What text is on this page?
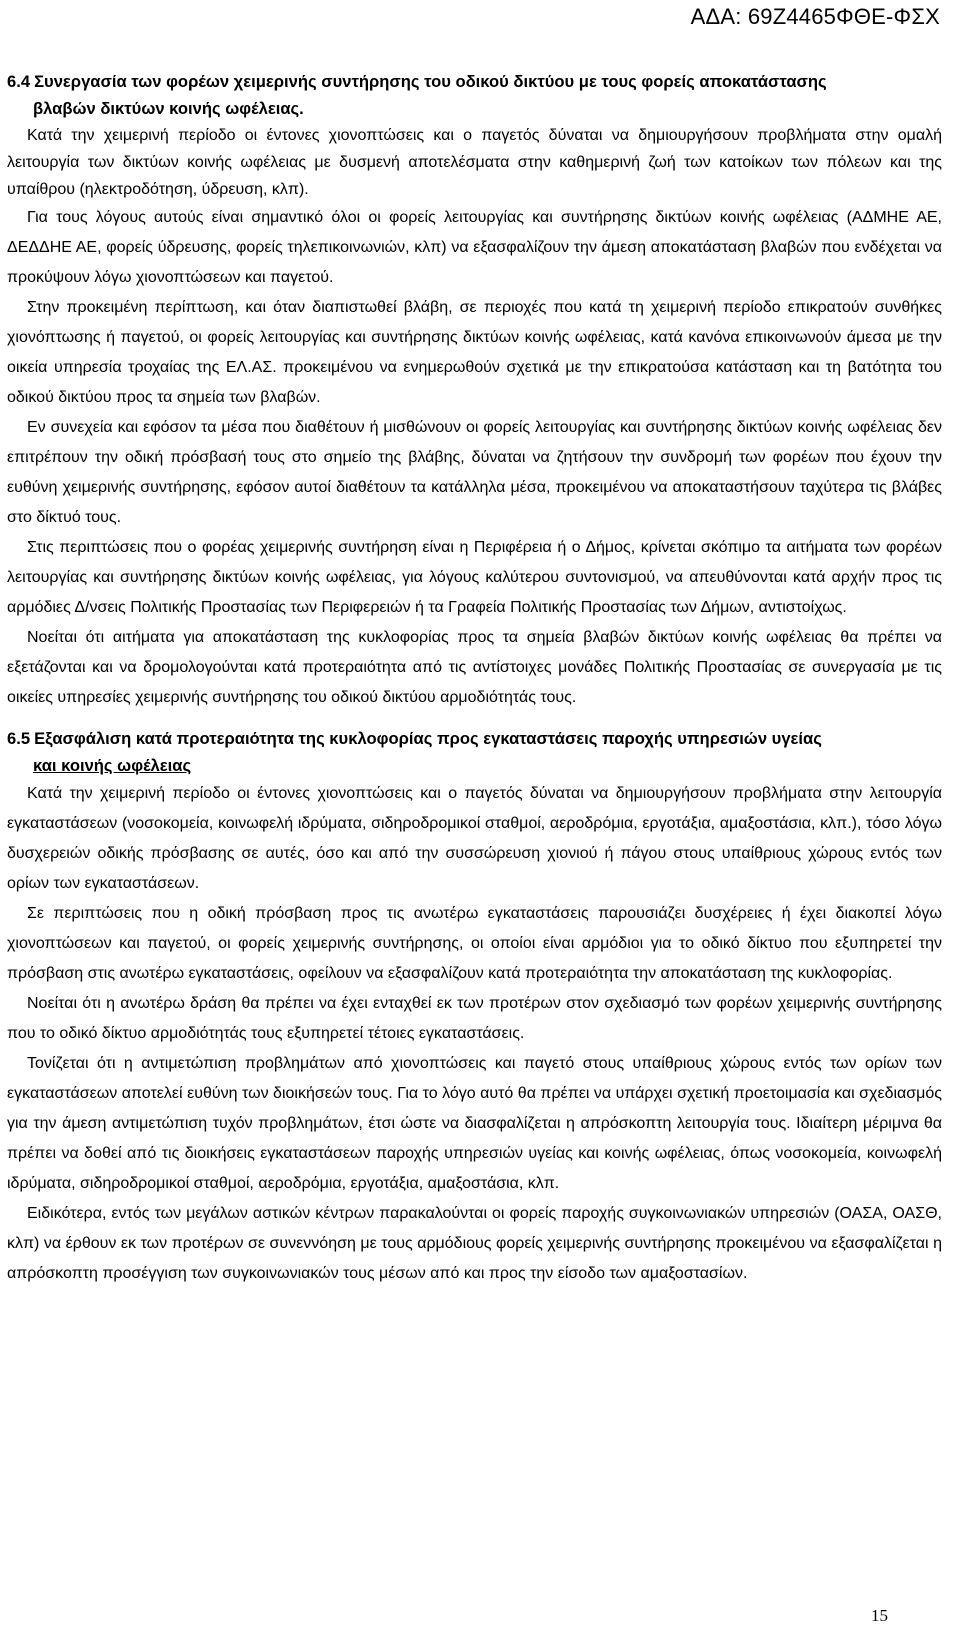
ΑΔΑ: 69Ζ4465ΦΘΕ-ΦΣΧ
6.4 Συνεργασία των φορέων χειμερινής συντήρησης του οδικού δικτύου με τους φορείς αποκατάστασης
βλαβών δικτύων κοινής ωφέλειας.

Κατά την χειμερινή περίοδο οι έντονες χιονοπτώσεις και ο παγετός δύναται να δημιουργήσουν προβλήματα στην ομαλή λειτουργία των δικτύων κοινής ωφέλειας με δυσμενή αποτελέσματα στην καθημερινή ζωή των κατοίκων των πόλεων και της υπαίθρου (ηλεκτροδότηση, ύδρευση, κλπ).

Για τους λόγους αυτούς είναι σημαντικό όλοι οι φορείς λειτουργίας και συντήρησης δικτύων κοινής ωφέλειας (ΑΔΜΗΕ ΑΕ, ΔΕΔΔΗΕ ΑΕ, φορείς ύδρευσης, φορείς τηλεπικοινωνιών, κλπ) να εξασφαλίζουν την άμεση αποκατάσταση βλαβών που ενδέχεται να προκύψουν λόγω χιονοπτώσεων και παγετού.

Στην προκειμένη περίπτωση, και όταν διαπιστωθεί βλάβη, σε περιοχές που κατά τη χειμερινή περίοδο επικρατούν συνθήκες χιονόπτωσης ή παγετού, οι φορείς λειτουργίας και συντήρησης δικτύων κοινής ωφέλειας, κατά κανόνα επικοινωνούν άμεσα με την οικεία υπηρεσία τροχαίας της ΕΛ.ΑΣ. προκειμένου να ενημερωθούν σχετικά με την επικρατούσα κατάσταση και τη βατότητα του οδικού δικτύου προς τα σημεία των βλαβών.

Εν συνεχεία και εφόσον τα μέσα που διαθέτουν ή μισθώνουν οι φορείς λειτουργίας και συντήρησης δικτύων κοινής ωφέλειας δεν επιτρέπουν την οδική πρόσβασή τους στο σημείο της βλάβης, δύναται να ζητήσουν την συνδρομή των φορέων που έχουν την ευθύνη χειμερινής συντήρησης, εφόσον αυτοί διαθέτουν τα κατάλληλα μέσα, προκειμένου να αποκαταστήσουν ταχύτερα τις βλάβες στο δίκτυό τους.

Στις περιπτώσεις που ο φορέας χειμερινής συντήρηση είναι η Περιφέρεια ή ο Δήμος, κρίνεται σκόπιμο τα αιτήματα των φορέων λειτουργίας και συντήρησης δικτύων κοινής ωφέλειας, για λόγους καλύτερου συντονισμού, να απευθύνονται κατά αρχήν προς τις αρμόδιες Δ/νσεις Πολιτικής Προστασίας των Περιφερειών ή τα Γραφεία Πολιτικής Προστασίας των Δήμων, αντιστοίχως.

Νοείται ότι αιτήματα για αποκατάσταση της κυκλοφορίας προς τα σημεία βλαβών δικτύων κοινής ωφέλειας θα πρέπει να εξετάζονται και να δρομολογούνται κατά προτεραιότητα από τις αντίστοιχες μονάδες Πολιτικής Προστασίας σε συνεργασία με τις οικείες υπηρεσίες χειμερινής συντήρησης του οδικού δικτύου αρμοδιότητάς τους.

6.5 Εξασφάλιση κατά προτεραιότητα της κυκλοφορίας προς εγκαταστάσεις παροχής υπηρεσιών υγείας
και κοινής ωφέλειας

Κατά την χειμερινή περίοδο οι έντονες χιονοπτώσεις και ο παγετός δύναται να δημιουργήσουν προβλήματα στην λειτουργία εγκαταστάσεων (νοσοκομεία, κοινωφελή ιδρύματα, σιδηροδρομικοί σταθμοί, αεροδρόμια, εργοτάξια, αμαξοστάσια, κλπ.), τόσο λόγω δυσχερειών οδικής πρόσβασης σε αυτές, όσο και από την συσσώρευση χιονιού ή πάγου στους υπαίθριους χώρους εντός των ορίων των εγκαταστάσεων.

Σε περιπτώσεις που η οδική πρόσβαση προς τις ανωτέρω εγκαταστάσεις παρουσιάζει δυσχέρειες ή έχει διακοπεί λόγω χιονοπτώσεων και παγετού, οι φορείς χειμερινής συντήρησης, οι οποίοι είναι αρμόδιοι για το οδικό δίκτυο που εξυπηρετεί την πρόσβαση στις ανωτέρω εγκαταστάσεις, οφείλουν να εξασφαλίζουν κατά προτεραιότητα την αποκατάσταση της κυκλοφορίας.

Νοείται ότι η ανωτέρω δράση θα πρέπει να έχει ενταχθεί εκ των προτέρων στον σχεδιασμό των φορέων χειμερινής συντήρησης που το οδικό δίκτυο αρμοδιότητάς τους εξυπηρετεί τέτοιες εγκαταστάσεις.

Τονίζεται ότι η αντιμετώπιση προβλημάτων από χιονοπτώσεις και παγετό στους υπαίθριους χώρους εντός των ορίων των εγκαταστάσεων αποτελεί ευθύνη των διοικήσεών τους. Για το λόγο αυτό θα πρέπει να υπάρχει σχετική προετοιμασία και σχεδιασμός για την άμεση αντιμετώπιση τυχόν προβλημάτων, έτσι ώστε να διασφαλίζεται η απρόσκοπτη λειτουργία τους. Ιδιαίτερη μέριμνα θα πρέπει να δοθεί από τις διοικήσεις εγκαταστάσεων παροχής υπηρεσιών υγείας και κοινής ωφέλειας, όπως νοσοκομεία, κοινωφελή ιδρύματα, σιδηροδρομικοί σταθμοί, αεροδρόμια, εργοτάξια, αμαξοστάσια, κλπ.

Ειδικότερα, εντός των μεγάλων αστικών κέντρων παρακαλούνται οι φορείς παροχής συγκοινωνιακών υπηρεσιών (ΟΑΣΑ, ΟΑΣΘ, κλπ) να έρθουν εκ των προτέρων σε συνεννόηση με τους αρμόδιους φορείς χειμερινής συντήρησης προκειμένου να εξασφαλίζεται η απρόσκοπτη προσέγγιση των συγκοινωνιακών τους μέσων από και προς την είσοδο των αμαξοστασίων.

15
